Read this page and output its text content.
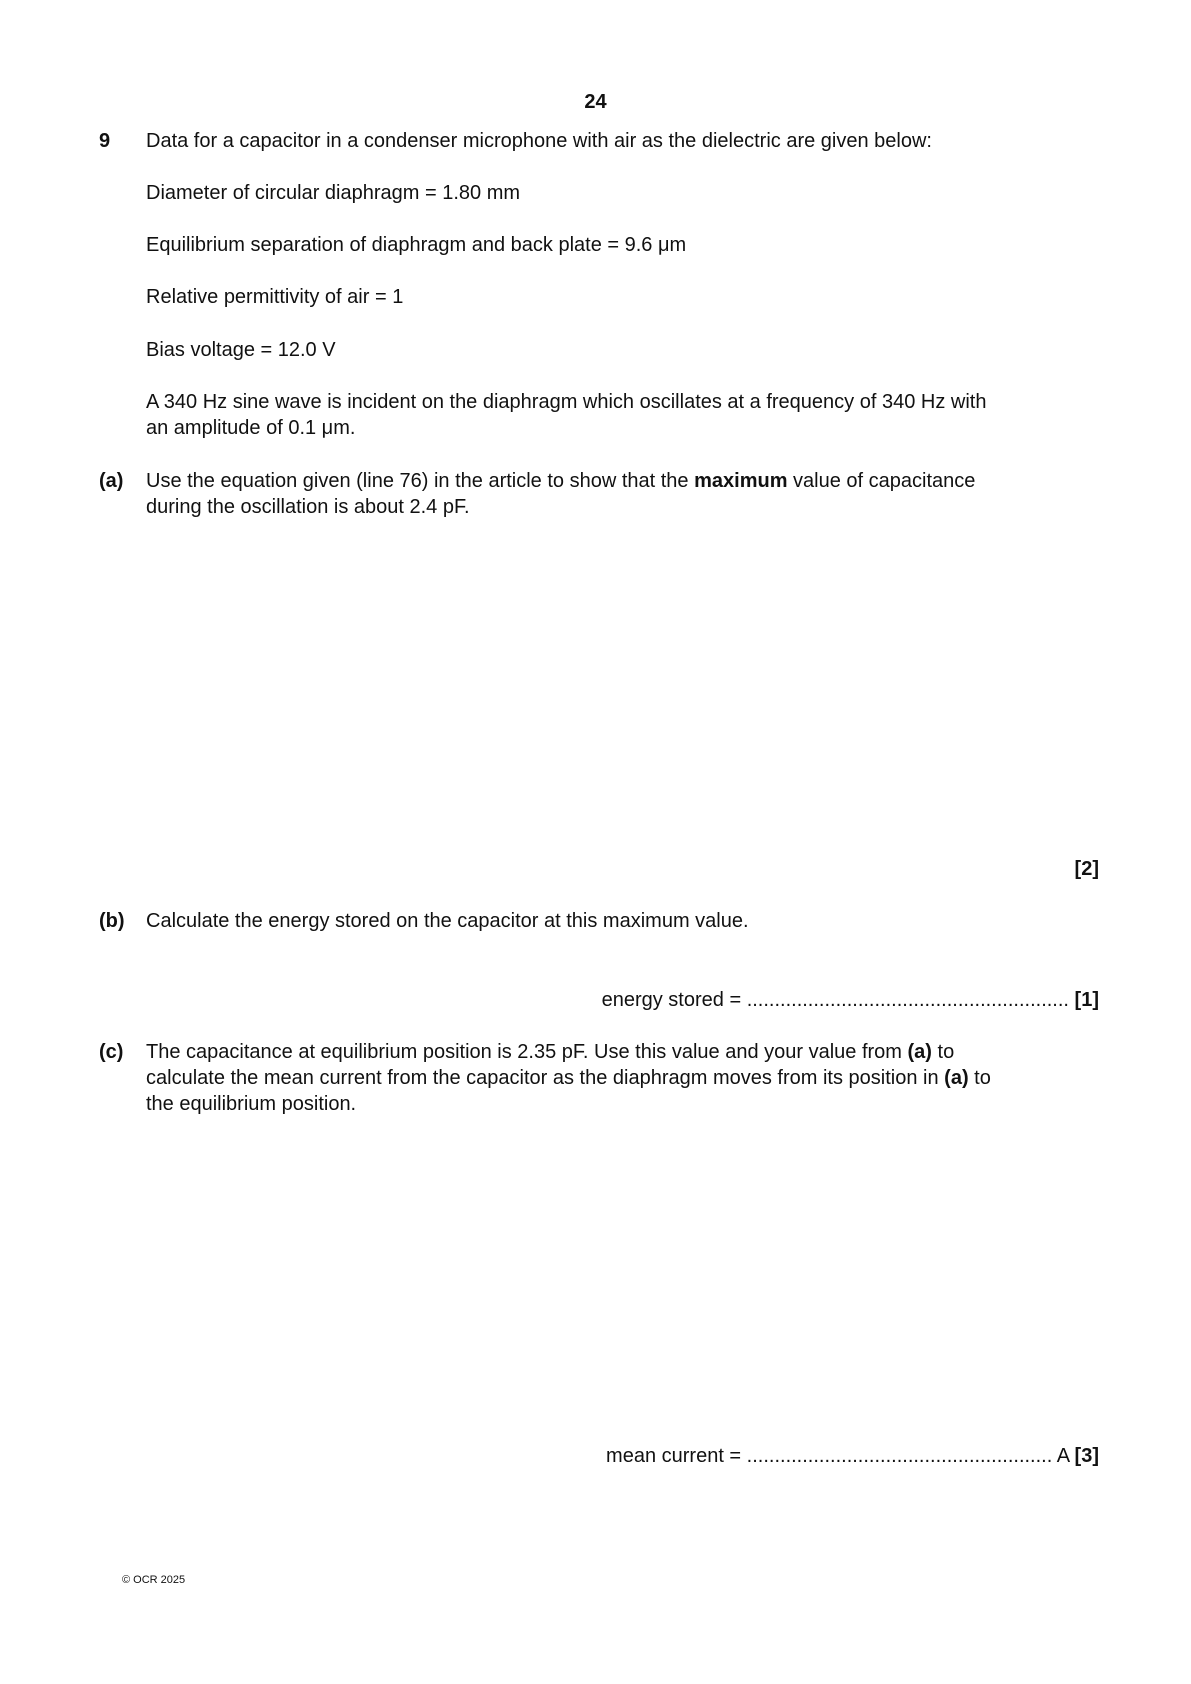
24
9 Data for a capacitor in a condenser microphone with air as the dielectric are given below:
Diameter of circular diaphragm = 1.80 mm
Equilibrium separation of diaphragm and back plate = 9.6 μm
Relative permittivity of air = 1
Bias voltage = 12.0 V
A 340 Hz sine wave is incident on the diaphragm which oscillates at a frequency of 340 Hz with
an amplitude of 0.1 μm.
(a) Use the equation given (line 76) in the article to show that the maximum value of capacitance
during the oscillation is about 2.4 pF.
[2]
(b) Calculate the energy stored on the capacitor at this maximum value.
energy stored = .......................................................... [1]
(c) The capacitance at equilibrium position is 2.35 pF. Use this value and your value from (a) to
calculate the mean current from the capacitor as the diaphragm moves from its position in (a) to
the equilibrium position.
mean current = ....................................................... A [3]
© OCR 2025
